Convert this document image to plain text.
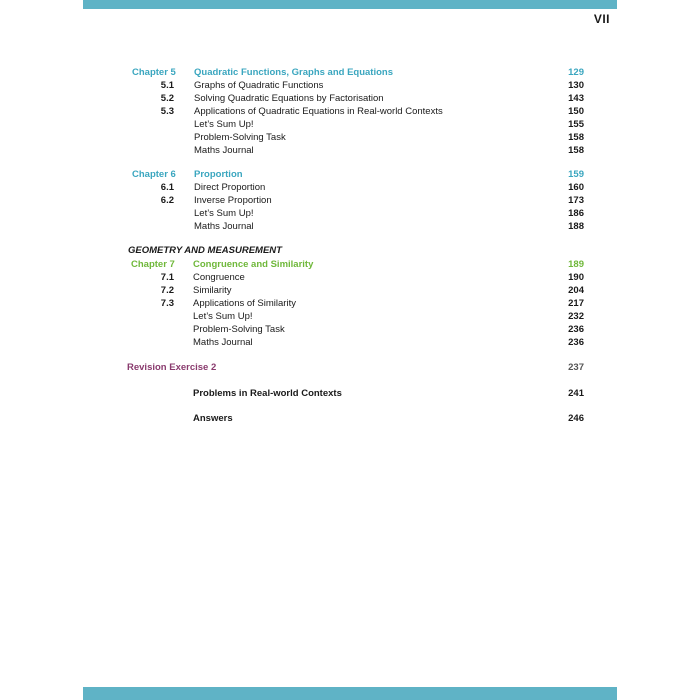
VII
Chapter 5 Quadratic Functions, Graphs and Equations	129
5.1 Graphs of Quadratic Functions	130
5.2 Solving Quadratic Equations by Factorisation	143
5.3 Applications of Quadratic Equations in Real-world Contexts	150
Let’s Sum Up!	155
Problem-Solving Task	158
Maths Journal	158
Chapter 6 Proportion	159
6.1 Direct Proportion	160
6.2 Inverse Proportion	173
Let’s Sum Up!	186
Maths Journal	188
GEOMETRY AND MEASUREMENT
Chapter 7 Congruence and Similarity	189
7.1 Congruence	190
7.2 Similarity	204
7.3 Applications of Similarity	217
Let’s Sum Up!	232
Problem-Solving Task	236
Maths Journal	236
Revision Exercise 2	237
Problems in Real-world Contexts	241
Answers	246
